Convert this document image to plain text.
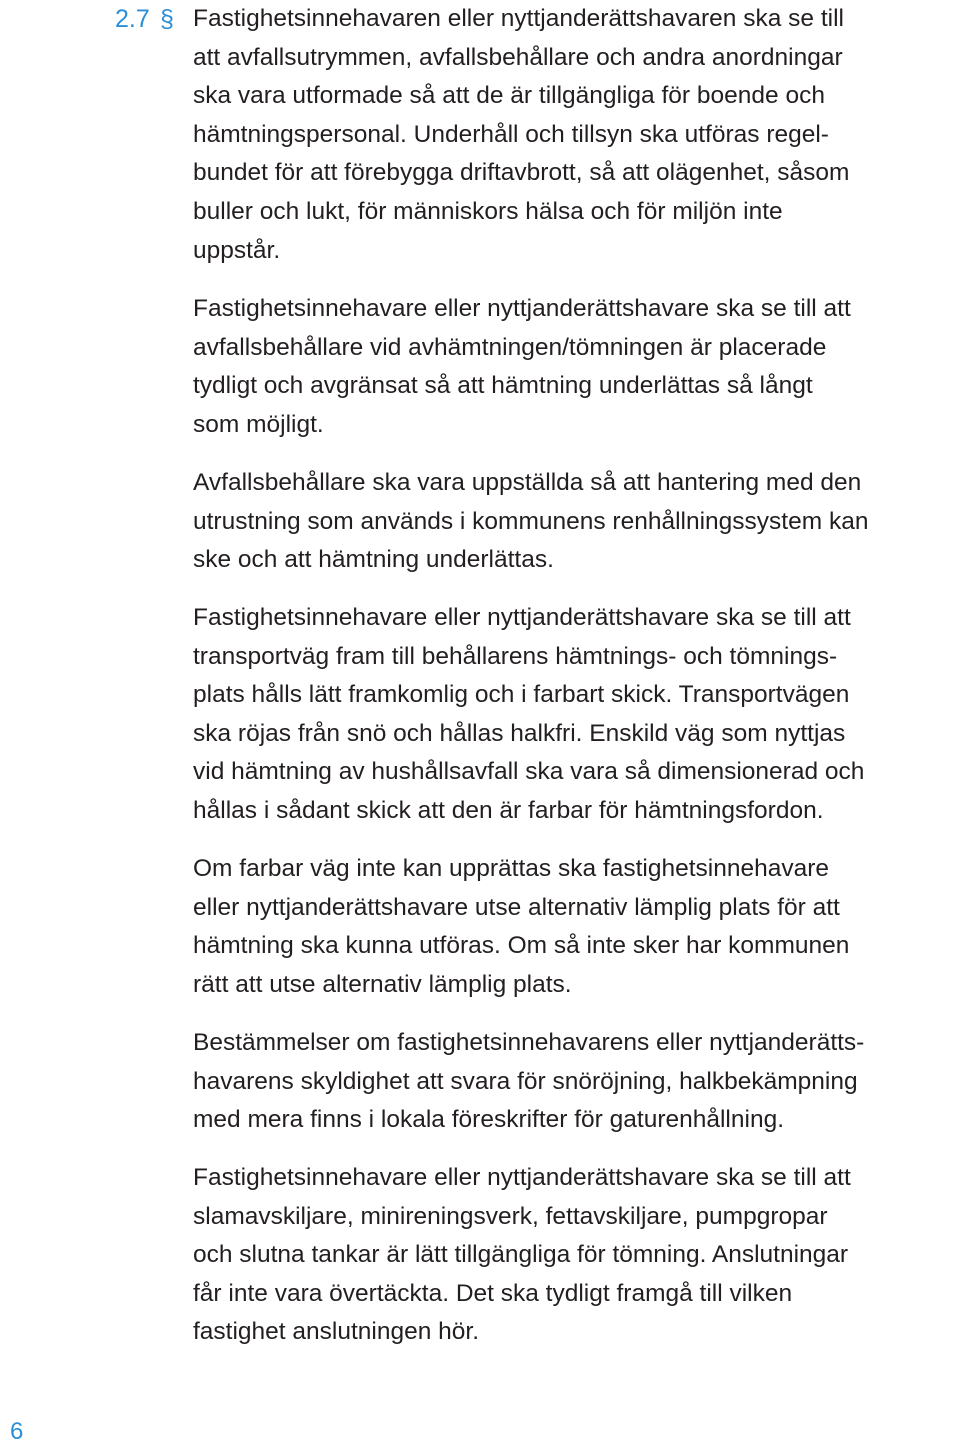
2.7 § Fastighetsinnehavaren eller nyttjanderättshavaren ska se till
att avfallsutrymmen, avfallsbehållare och andra anordningar
ska vara utformade så att de är tillgängliga för boende och
hämtningspersonal. Underhåll och tillsyn ska utföras regel-
bundet för att förebygga driftavbrott, så att olägenhet, såsom
buller och lukt, för människors hälsa och för miljön inte
uppstår.
Fastighetsinnehavare eller nyttjanderättshavare ska se till att
avfallsbehållare vid avhämtningen/tömningen är placerade
tydligt och avgränsat så att hämtning underlättas så långt
som möjligt.
Avfallsbehållare ska vara uppställda så att hantering med den
utrustning som används i kommunens renhållningssystem kan
ske och att hämtning underlättas.
Fastighetsinnehavare eller nyttjanderättshavare ska se till att
transportväg fram till behållarens hämtnings- och tömnings-
plats hålls lätt framkomlig och i farbart skick. Transportvägen
ska röjas från snö och hållas halkfri. Enskild väg som nyttjas
vid hämtning av hushållsavfall ska vara så dimensionerad och
hållas i sådant skick att den är farbar för hämtningsfordon.
Om farbar väg inte kan upprättas ska fastighetsinnehavare
eller nyttjanderättshavare utse alternativ lämplig plats för att
hämtning ska kunna utföras. Om så inte sker har kommunen
rätt att utse alternativ lämplig plats.
Bestämmelser om fastighetsinnehavarens eller nyttjanderätts-
havarens skyldighet att svara för snöröjning, halkbekämpning
med mera finns i lokala föreskrifter för gaturenhållning.
Fastighetsinnehavare eller nyttjanderättshavare ska se till att
slamavskiljare, minireningsverk, fettavskiljare, pumpgropar
och slutna tankar är lätt tillgängliga för tömning. Anslutningar
får inte vara övertäckta. Det ska tydligt framgå till vilken
fastighet anslutningen hör.
6
